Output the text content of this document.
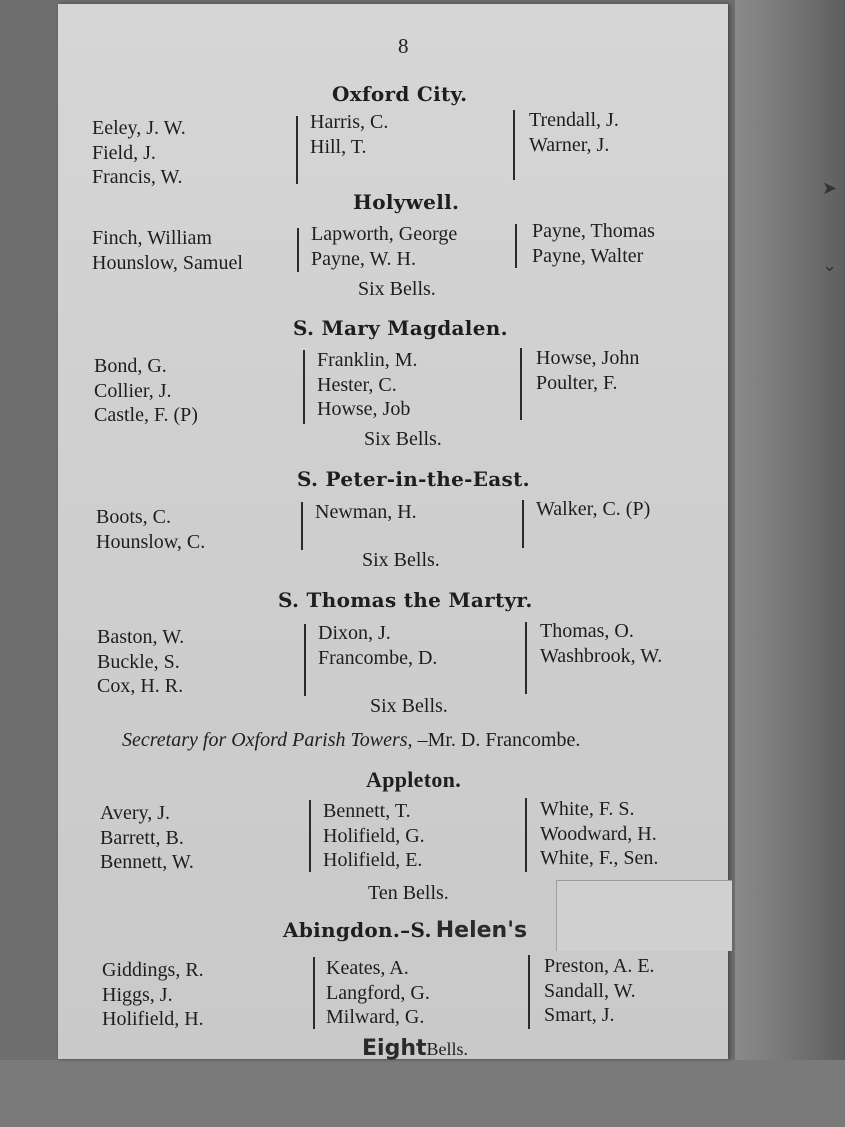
8
Oxford City.
Eeley, J. W.
Field, J.
Francis, W.
Harris, C.
Hill, T.
Trendall, J.
Warner, J.
Holywell.
Finch, William
Hounslow, Samuel
Lapworth, George
Payne, W. H.
Payne, Thomas
Payne, Walter
Six Bells.
S. Mary Magdalen.
Bond, G.
Collier, J.
Castle, F. (P)
Franklin, M.
Hester, C.
Howse, Job
Howse, John
Poulter, F.
Six Bells.
S. Peter-in-the-East.
Boots, C.
Hounslow, C.
Newman, H.	Walker, C. (P)
Six Bells.
S. Thomas the Martyr.
Baston, W.
Buckle, S.
Cox, H. R.
Dixon, J.
Francombe, D.
Thomas, O.
Washbrook, W.
Six Bells.
Secretary for Oxford Parish Towers, –Mr. D. Francombe.
Appleton.
Avery, J.
Barrett, B.
Bennett, W.
Bennett, T.
Holifield, G.
Holifield, E.
White, F. S.
Woodward, H.
White, F., Sen.
Ten Bells.
Abingdon.–S. Helen's
Giddings, R.
Higgs, J.
Holifield, H.
Keates, A.
Langford, G.
Milward, G.
Preston, A. E.
Sandall, W.
Smart, J.
EightBells.
➤
⌄
